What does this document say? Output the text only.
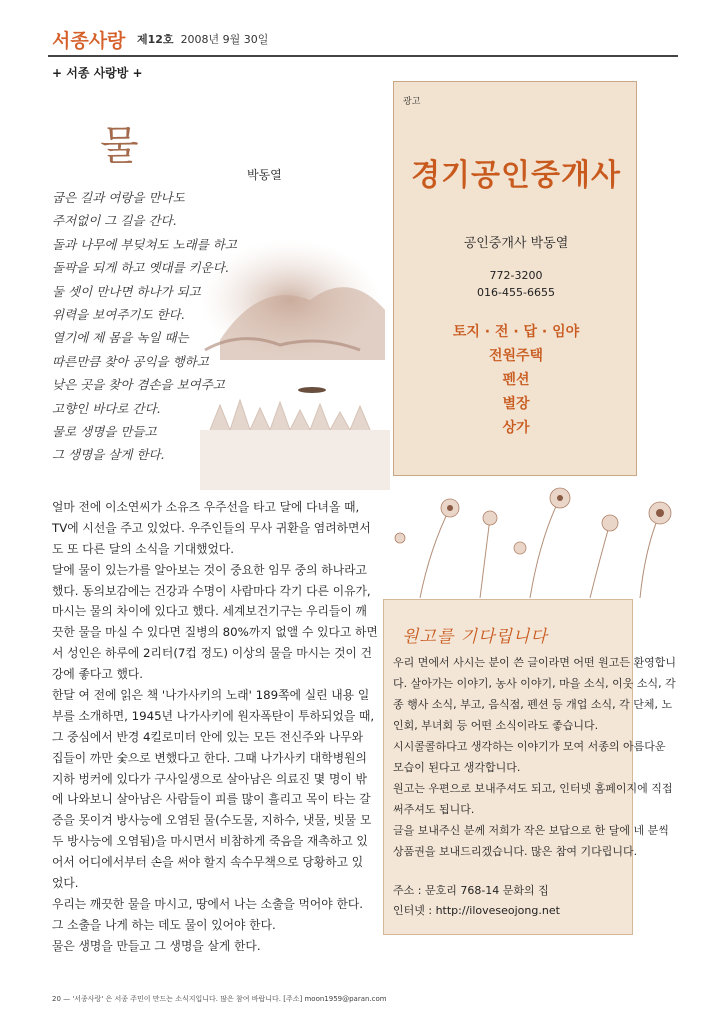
서종사랑 제12호 2008년 9월 30일
+ 서종 사랑방 +
물
박동열
굽은 길과 여랑을 만나도
주저없이 그 길을 간다.
돌과 나무에 부딪쳐도 노래를 하고
돌팍을 되게 하고 옛대를 키운다.
둘 셋이 만나면 하나가 되고
위력을 보여주기도 한다.
열기에 제 몸을 녹일 때는
따른만큼 찾아 공익을 행하고
낮은 곳을 찾아 겸손을 보여주고
고향인 바다로 간다.
물로 생명을 만들고
그 생명을 살게 한다.
광고
경기공인중개사
공인중개사 박동열
772-3200
016-455-6655
토지 · 전 · 답 · 임야
전원주택
펜션
별장
상가
얼마 전에 이소연씨가 소유즈 우주선을 타고 달에 다녀올 때,
TV에 시선을 주고 있었다. 우주인들의 무사 귀환을 염려하면서
도 또 다른 달의 소식을 기대했었다.
달에 물이 있는가를 알아보는 것이 중요한 임무 중의 하나라고
했다. 동의보감에는 건강과 수명이 사람마다 각기 다른 이유가,
마시는 물의 차이에 있다고 했다. 세계보건기구는 우리들이 깨
끗한 물을 마실 수 있다면 질병의 80%까지 없앨 수 있다고 하면
서 성인은 하루에 2리터(7컵 정도) 이상의 물을 마시는 것이 건
강에 좋다고 했다.
한달 여 전에 읽은 책 '나가사키의 노래' 189쪽에 실린 내용 일
부를 소개하면, 1945년 나가사키에 원자폭탄이 투하되었을 때,
그 중심에서 반경 4킬로미터 안에 있는 모든 전신주와 나무와
집들이 까만 숯으로 변했다고 한다. 그때 나가사키 대학병원의
지하 벙커에 있다가 구사일생으로 살아남은 의료진 몇 명이 밖
에 나와보니 살아남은 사람들이 피를 많이 흘리고 목이 타는 갈
증을 못이겨 방사능에 오염된 물(수도물, 지하수, 냇물, 빗물 모
두 방사능에 오염됨)을 마시면서 비참하게 죽음을 재촉하고 있
어서 어디에서부터 손을 써야 할지 속수무책으로 당황하고 있
었다.
우리는 깨끗한 물을 마시고, 땅에서 나는 소출을 먹어야 한다.
그 소출을 나게 하는 데도 물이 있어야 한다.
물은 생명을 만들고 그 생명을 살게 한다.
원고를 기다립니다
우리 면에서 사시는 분이 쓴 글이라면 어떤 원고든 환영합니
다. 살아가는 이야기, 농사 이야기, 마을 소식, 이웃 소식, 각
종 행사 소식, 부고, 음식점, 펜션 등 개업 소식, 각 단체, 노
인회, 부녀회 등 어떤 소식이라도 좋습니다.
시시콜콜하다고 생각하는 이야기가 모여 서종의 아름다운
모습이 된다고 생각합니다.
원고는 우편으로 보내주셔도 되고, 인터넷 홈페이지에 직접
써주셔도 됩니다.
글을 보내주신 분께 저희가 작은 보답으로 한 달에 네 분씩
상품권을 보내드리겠습니다. 많은 참여 기다립니다.
주소 : 문호리 768-14 문화의 집
인터넷 : http://iloveseojong.net
20 — '서종사랑' 은 서종 주민이 만드는 소식지입니다. 많은 참여 바랍니다. [주소] moon1959@paran.com
